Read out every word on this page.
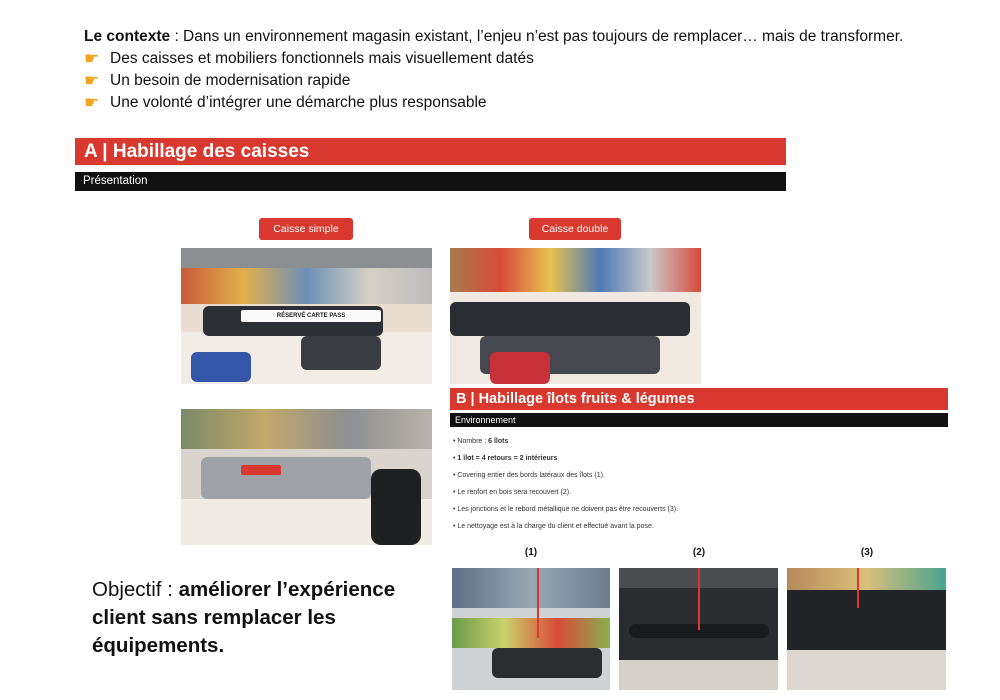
Le contexte : Dans un environnement magasin existant, l’enjeu n’est pas toujours de remplacer… mais de transformer.
☛ Des caisses et mobiliers fonctionnels mais visuellement datés
☛ Un besoin de modernisation rapide
☛ Une volonté d’intégrer une démarche plus responsable
A | Habillage des caisses
Présentation
Caisse simple	Caisse double
RÉSERVÉ CARTE PASS
B | Habillage îlots fruits & légumes
Environnement
• Nombre : 6 îlots
• 1 îlot = 4 retours = 2 intérieurs
• Covering entier des bords latéraux des îlots (1).
• Le renfort en bois sera recouvert (2).
• Les jonctions et le rebord métallique ne doivent pas être recouverts (3).
• Le nettoyage est à la charge du client et effectué avant la pose.
(1)	(2)	(3)
Objectif : améliorer l’expérience client sans remplacer les équipements.
